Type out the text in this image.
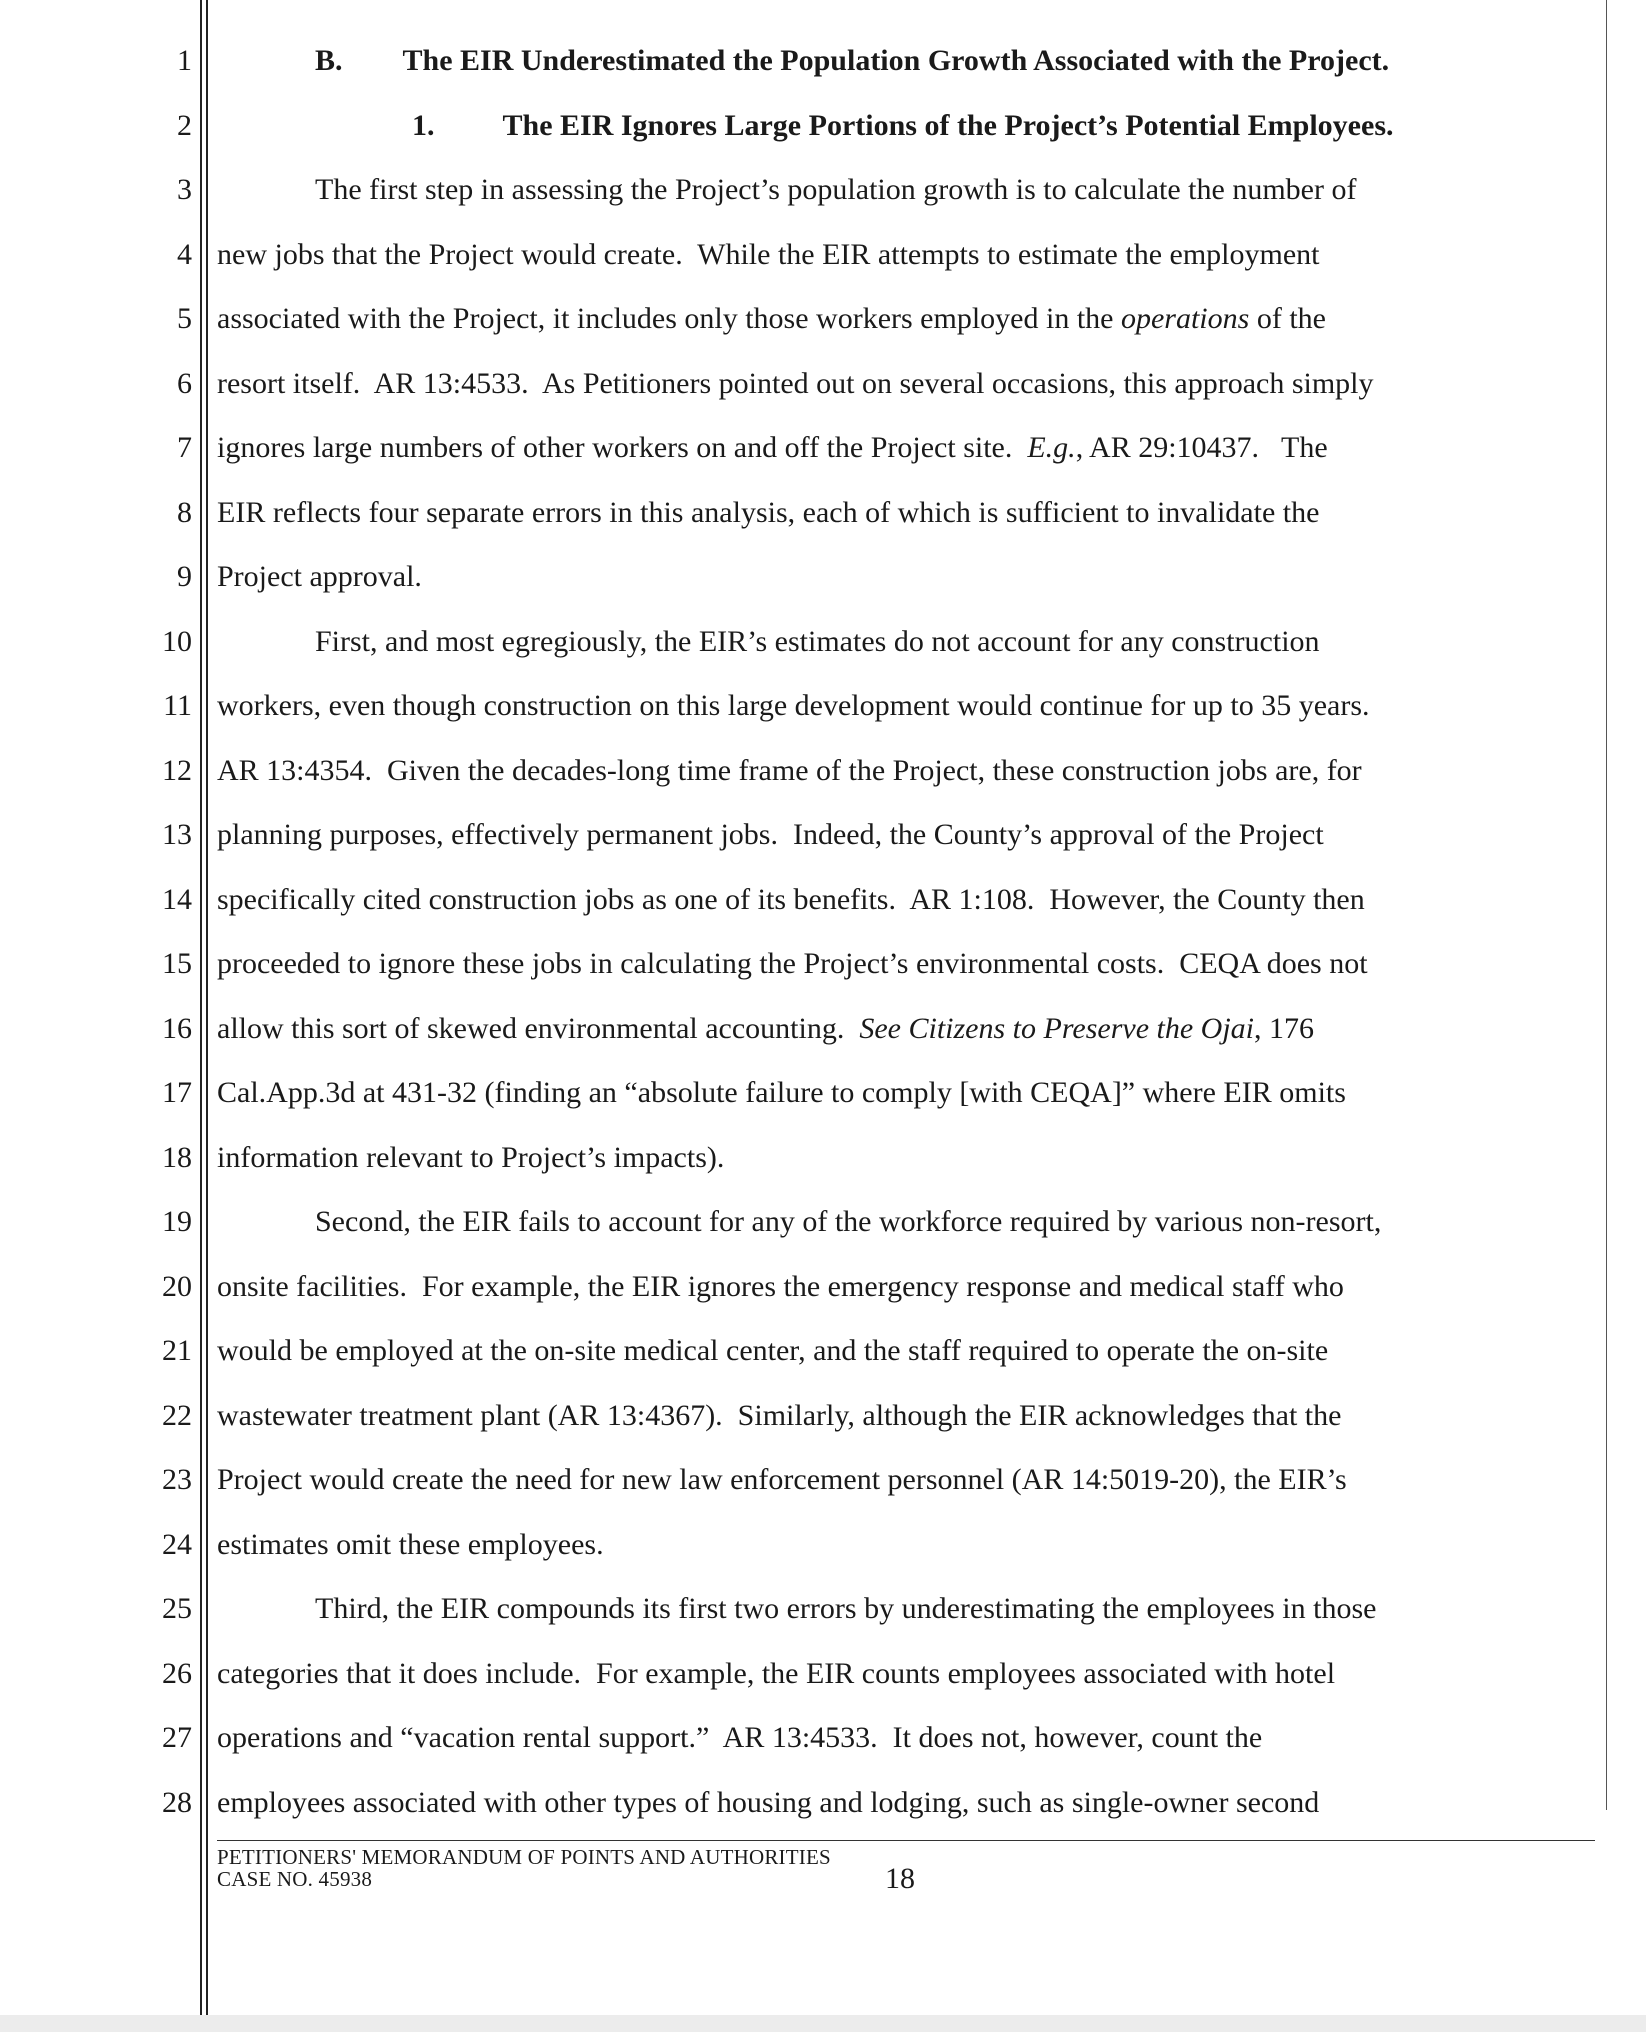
1
2
3
4
5
6
7
8
9
10
11
12
13
14
15
16
17
18
19
20
21
22
23
24
25
26
27
28
B. The EIR Underestimated the Population Growth Associated with the Project.
1. The EIR Ignores Large Portions of the Project’s Potential Employees.
The first step in assessing the Project’s population growth is to calculate the number of
new jobs that the Project would create.  While the EIR attempts to estimate the employment
associated with the Project, it includes only those workers employed in the operations of the
resort itself.  AR 13:4533.  As Petitioners pointed out on several occasions, this approach simply
ignores large numbers of other workers on and off the Project site.  E.g., AR 29:10437.   The
EIR reflects four separate errors in this analysis, each of which is sufficient to invalidate the
Project approval.
First, and most egregiously, the EIR’s estimates do not account for any construction
workers, even though construction on this large development would continue for up to 35 years.
AR 13:4354.  Given the decades-long time frame of the Project, these construction jobs are, for
planning purposes, effectively permanent jobs.  Indeed, the County’s approval of the Project
specifically cited construction jobs as one of its benefits.  AR 1:108.  However, the County then
proceeded to ignore these jobs in calculating the Project’s environmental costs.  CEQA does not
allow this sort of skewed environmental accounting.  See Citizens to Preserve the Ojai, 176
Cal.App.3d at 431-32 (finding an “absolute failure to comply [with CEQA]” where EIR omits
information relevant to Project’s impacts).
Second, the EIR fails to account for any of the workforce required by various non-resort,
onsite facilities.  For example, the EIR ignores the emergency response and medical staff who
would be employed at the on-site medical center, and the staff required to operate the on-site
wastewater treatment plant (AR 13:4367).  Similarly, although the EIR acknowledges that the
Project would create the need for new law enforcement personnel (AR 14:5019-20), the EIR’s
estimates omit these employees.
Third, the EIR compounds its first two errors by underestimating the employees in those
categories that it does include.  For example, the EIR counts employees associated with hotel
operations and “vacation rental support.”  AR 13:4533.  It does not, however, count the
employees associated with other types of housing and lodging, such as single-owner second
PETITIONERS' MEMORANDUM OF POINTS AND AUTHORITIES
CASE NO. 45938	18
